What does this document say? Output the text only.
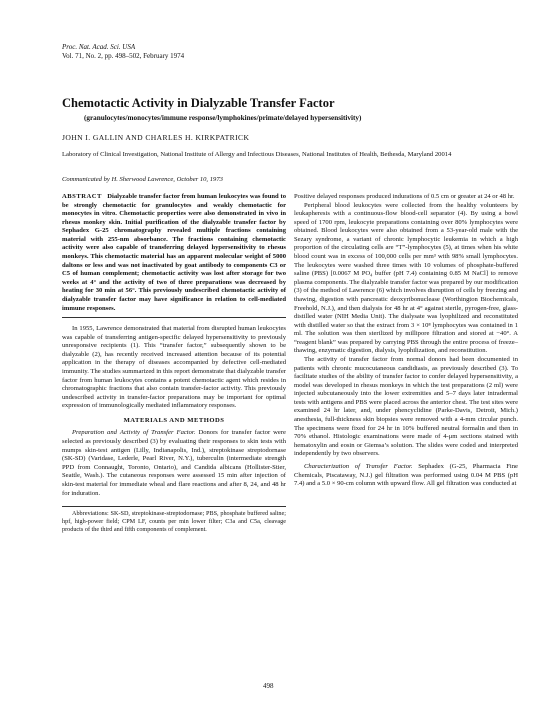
Proc. Nat. Acad. Sci. USA
Vol. 71, No. 2, pp. 498–502, February 1974
Chemotactic Activity in Dialyzable Transfer Factor
(granulocytes/monocytes/immune response/lymphokines/primate/delayed hypersensitivity)
JOHN I. GALLIN AND CHARLES H. KIRKPATRICK
Laboratory of Clinical Investigation, National Institute of Allergy and Infectious Diseases, National Institutes of Health, Bethesda, Maryland 20014
Communicated by H. Sherwood Lawrence, October 10, 1973

ABSTRACT Dialyzable transfer factor from human leukocytes was found to be strongly chemotactic for granulocytes and weakly chemotactic for monocytes in vitro. Chemotactic properties were also demonstrated in vivo in rhesus monkey skin. Initial purification of the dialyzable transfer factor by Sephadex G-25 chromatography revealed multiple fractions containing material with 255-nm absorbance. The fractions containing chemotactic activity were also capable of transferring delayed hypersensitivity to rhesus monkeys. This chemotactic material has an apparent molecular weight of 5000 daltons or less and was not inactivated by goat antibody to components C3 or C5 of human complement; chemotactic activity was lost after storage for two weeks at 4° and the activity of two of three preparations was decreased by heating for 30 min at 56°. This previously undescribed chemotactic activity of dialyzable transfer factor may have significance in relation to cell-mediated immune responses.

In 1955, Lawrence demonstrated that material from disrupted human leukocytes was capable of transferring antigen-specific delayed hypersensitivity to previously unresponsive recipients (1). This “transfer factor,” subsequently shown to be dialyzable (2), has recently received increased attention because of its potential application in the therapy of diseases accompanied by defective cell-mediated immunity. The studies summarized in this report demonstrate that dialyzable transfer factor from human leukocytes contains a potent chemotactic agent which resides in chromatographic fractions that also contain transfer-factor activity. This previously undescribed activity in transfer-factor preparations may be important for optimal expression of immunologically mediated inflammatory responses.

MATERIALS AND METHODS

Preparation and Activity of Transfer Factor. Donors for transfer factor were selected as previously described (3) by evaluating their responses to skin tests with mumps skin-test antigen (Lilly, Indianapolis, Ind.), streptokinase streptodornase (SK-SD) (Varidase, Lederle, Pearl River, N.Y.), tuberculin (intermediate strength PPD from Connaught, Toronto, Ontario), and Candida albicans (Hollister-Stier, Seattle, Wash.). The cutaneous responses were assessed 15 min after injection of skin-test material for immediate wheal and flare reactions and after 8, 24, and 48 hr for induration.

Abbreviations: SK-SD, streptokinase-streptodornase; PBS, phosphate buffered saline; hpf, high-power field; CPM LF, counts per min lower filter; C3a and C5a, cleavage products of the third and fifth components of complement.

Positive delayed responses produced indurations of 0.5 cm or greater at 24 or 48 hr.

Peripheral blood leukocytes were collected from the healthy volunteers by leukapheresis with a continuous-flow blood-cell separator (4). By using a bowl speed of 1700 rpm, leukocyte preparations containing over 80% lymphocytes were obtained. Blood leukocytes were also obtained from a 53-year-old male with the Sezary syndrome, a variant of chronic lymphocytic leukemia in which a high proportion of the circulating cells are “T”-lymphocytes (5), at times when his white blood count was in excess of 100,000 cells per mm³ with 98% small lymphocytes. The leukocytes were washed three times with 10 volumes of phosphate-buffered saline (PBS) [0.0067 M PO₄ buffer (pH 7.4) containing 0.85 M NaCl] to remove plasma components. The dialyzable transfer factor was prepared by our modification (3) of the method of Lawrence (6) which involves disruption of cells by freezing and thawing, digestion with pancreatic deoxyribonuclease (Worthington Biochemicals, Freehold, N.J.), and then dialysis for 48 hr at 4° against sterile, pyrogen-free, glass-distilled water (NIH Media Unit). The dialysate was lyophilized and reconstituted with distilled water so that the extract from 3 × 10⁸ lymphocytes was contained in 1 ml. The solution was then sterilized by millipore filtration and stored at −40°. A “reagent blank” was prepared by carrying PBS through the entire process of freeze–thawing, enzymatic digestion, dialysis, lyophilization, and reconstitution.

The activity of transfer factor from normal donors had been documented in patients with chronic mucocutaneous candidiasis, as previously described (3). To facilitate studies of the ability of transfer factor to confer delayed hypersensitivity, a model was developed in rhesus monkeys in which the test preparations (2 ml) were injected subcutaneously into the lower extremities and 5–7 days later intradermal tests with antigens and PBS were placed across the anterior chest. The test sites were examined 24 hr later, and, under phencyclidine (Parke-Davis, Detroit, Mich.) anesthesia, full-thickness skin biopsies were removed with a 4-mm circular punch. The specimens were fixed for 24 hr in 10% buffered neutral formalin and then in 70% ethanol. Histologic examinations were made of 4-μm sections stained with hematoxylin and eosin or Giemsa’s solution. The slides were coded and interpreted independently by two observers.

Characterization of Transfer Factor. Sephadex (G-25, Pharmacia Fine Chemicals, Piscataway, N.J.) gel filtration was performed using 0.04 M PBS (pH 7.4) and a 5.0 × 90-cm column with upward flow. All gel filtration was conducted at

498
